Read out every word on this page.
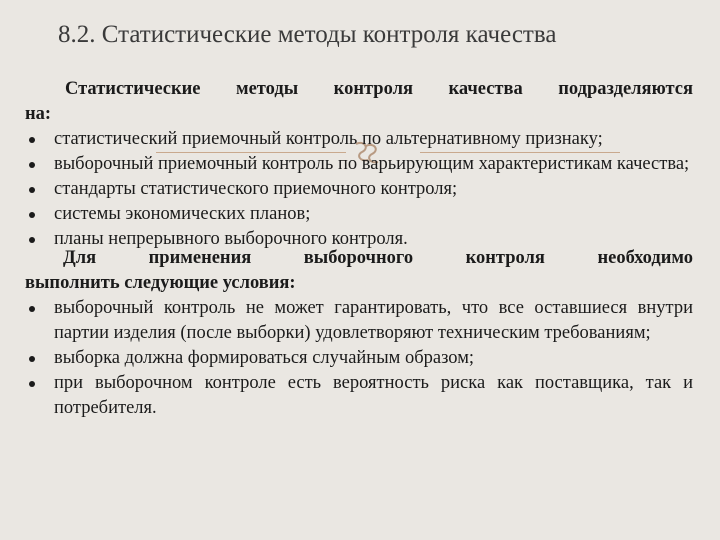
8.2. Статистические методы контроля качества

Статистические методы контроля качества подразделяются

на:

статистический приемочный контроль по альтернативному признаку;
выборочный приемочный контроль по варьирующим характеристикам качества;
стандарты статистического приемочного контроля;
системы экономических планов;
планы непрерывного выборочного контроля.

Для применения выборочного контроля необходимо

выполнить следующие условия:

выборочный контроль не может гарантировать, что все оставшиеся внутри партии изделия (после выборки) удовлетворяют техническим требованиям;
выборка должна формироваться случайным образом;
при выборочном контроле есть вероятность риска как поставщика, так и потребителя.
